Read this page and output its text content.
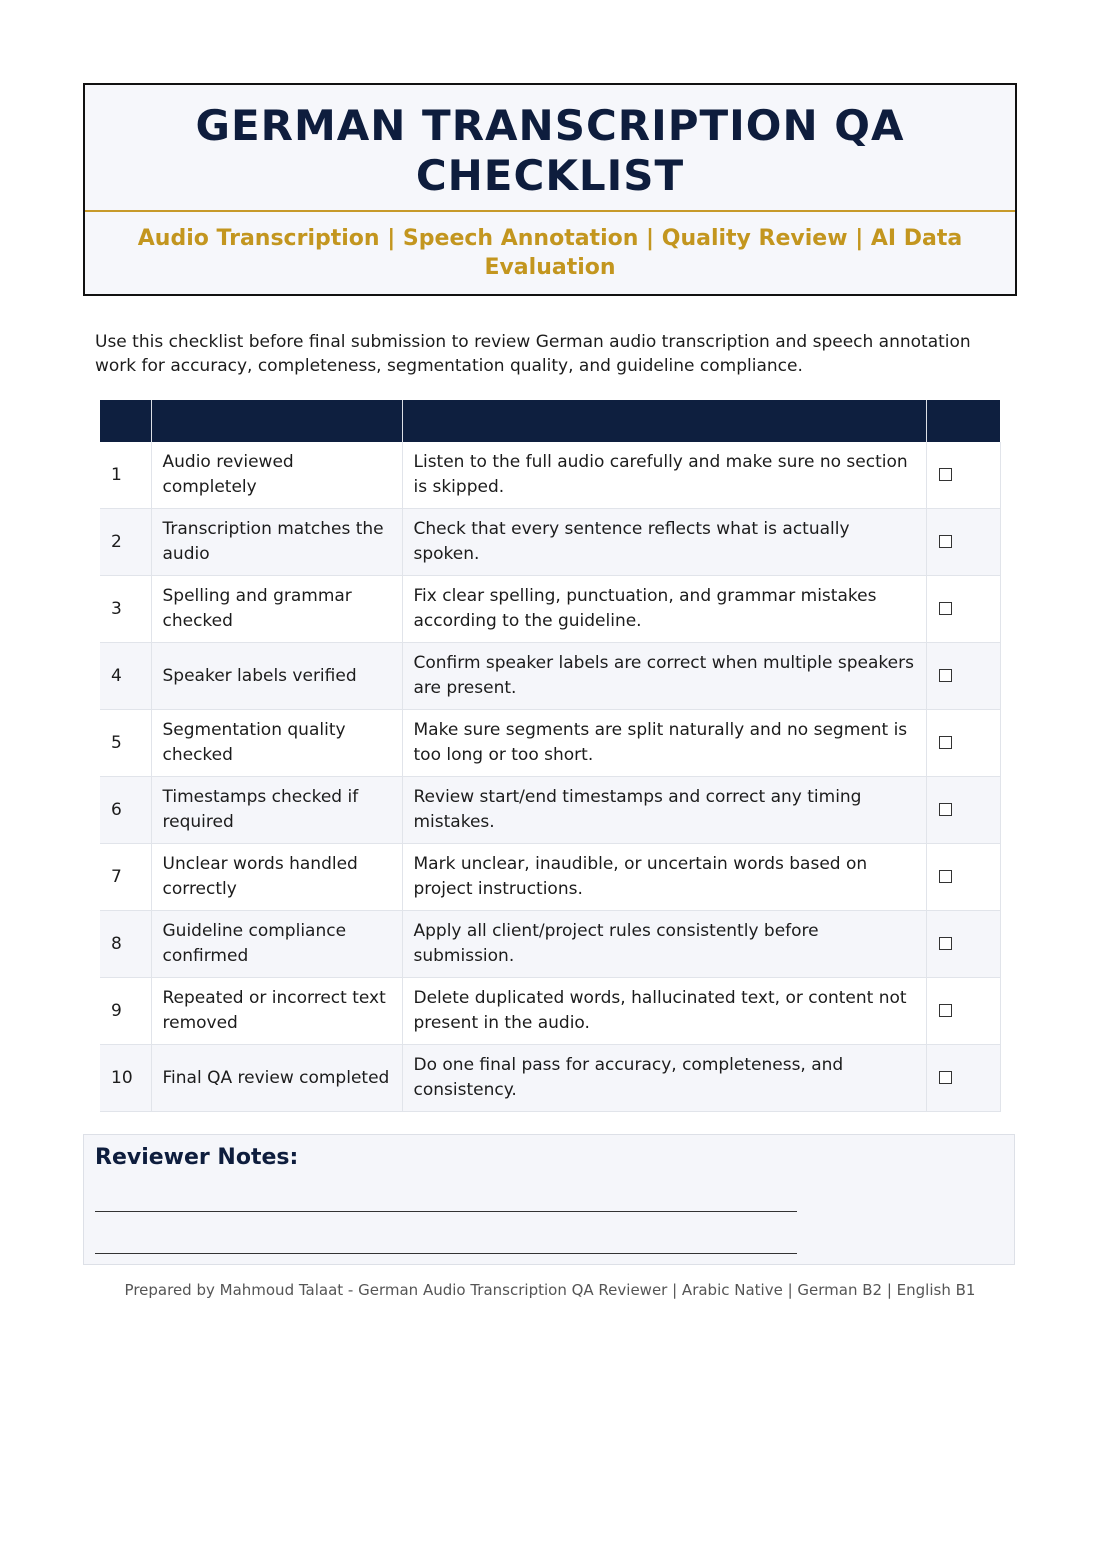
GERMAN TRANSCRIPTION QA CHECKLIST
Audio Transcription | Speech Annotation | Quality Review | AI Data Evaluation

Use this checklist before final submission to review German audio transcription and speech annotation work for accuracy, completeness, segmentation quality, and guideline compliance.

1	Audio reviewed completely	Listen to the full audio carefully and make sure no section is skipped.	
2	Transcription matches the audio	Check that every sentence reflects what is actually spoken.	
3	Spelling and grammar checked	Fix clear spelling, punctuation, and grammar mistakes according to the guideline.	
4	Speaker labels verified	Confirm speaker labels are correct when multiple speakers are present.	
5	Segmentation quality checked	Make sure segments are split naturally and no segment is too long or too short.	
6	Timestamps checked if required	Review start/end timestamps and correct any timing mistakes.	
7	Unclear words handled correctly	Mark unclear, inaudible, or uncertain words based on project instructions.	
8	Guideline compliance confirmed	Apply all client/project rules consistently before submission.	
9	Repeated or incorrect text removed	Delete duplicated words, hallucinated text, or content not present in the audio.	
10	Final QA review completed	Do one final pass for accuracy, completeness, and consistency.	
Reviewer Notes:
Prepared by Mahmoud Talaat - German Audio Transcription QA Reviewer | Arabic Native | German B2 | English B1
